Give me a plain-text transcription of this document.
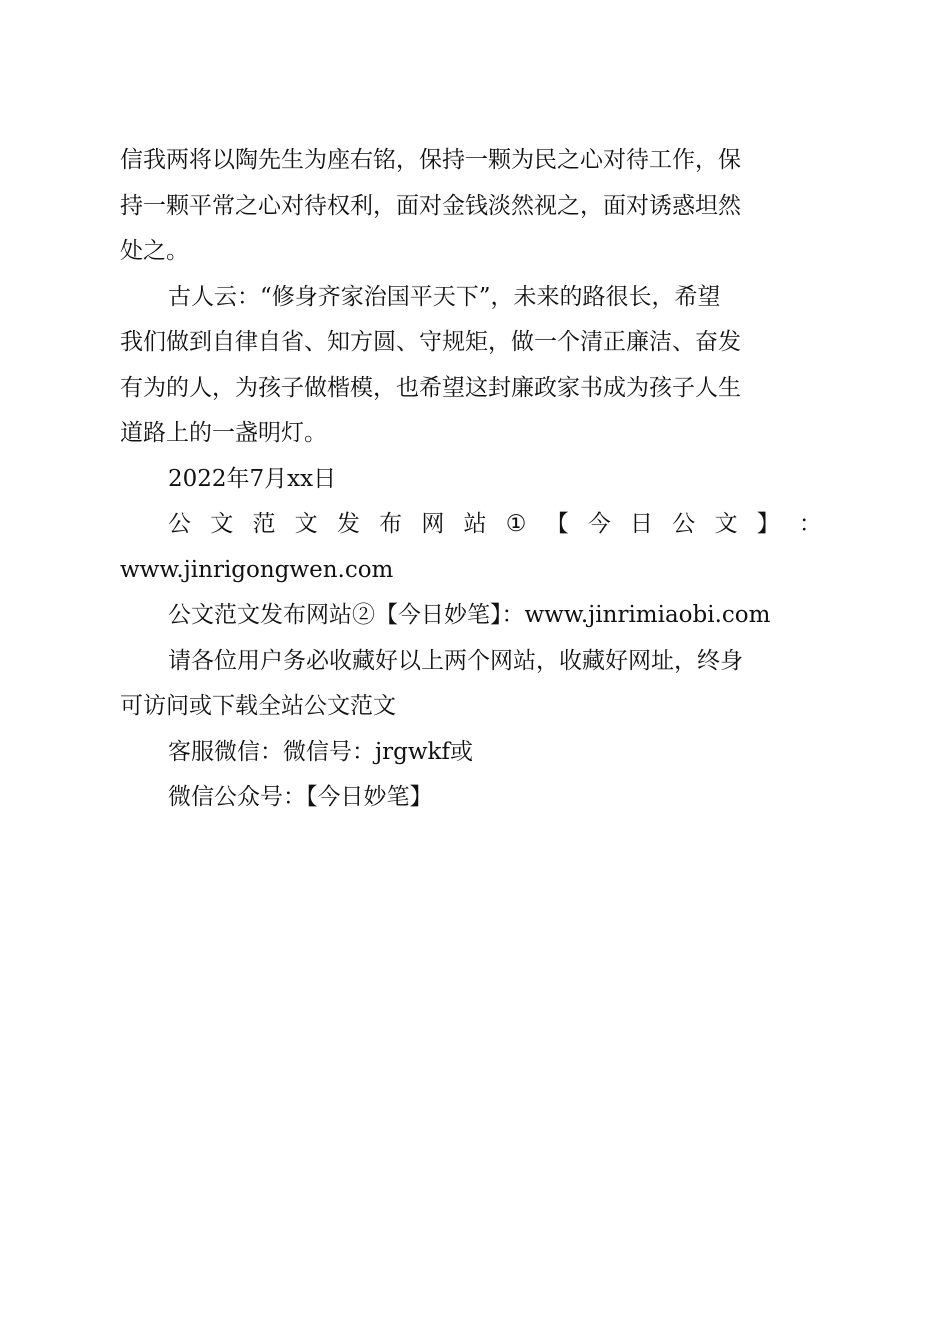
信我两将以陶先生为座右铭，保持一颗为民之心对待工作，保
持一颗平常之心对待权利，面对金钱淡然视之，面对诱惑坦然
处之。
古人云：“修身齐家治国平天下”，未来的路很长，希望
我们做到自律自省、知方圆、守规矩，做一个清正廉洁、奋发
有为的人，为孩子做楷模，也希望这封廉政家书成为孩子人生
道路上的一盏明灯。
2022年7月xx日
公 文 范 文 发 布 网 站 ① 【 今 日 公 文 】 ：
www.jinrigongwen.com
公文范文发布网站②【今日妙笔】：www.jinrimiaobi.com
请各位用户务必收藏好以上两个网站，收藏好网址，终身
可访问或下载全站公文范文
客服微信：微信号：jrgwkf或
微信公众号：【今日妙笔】
